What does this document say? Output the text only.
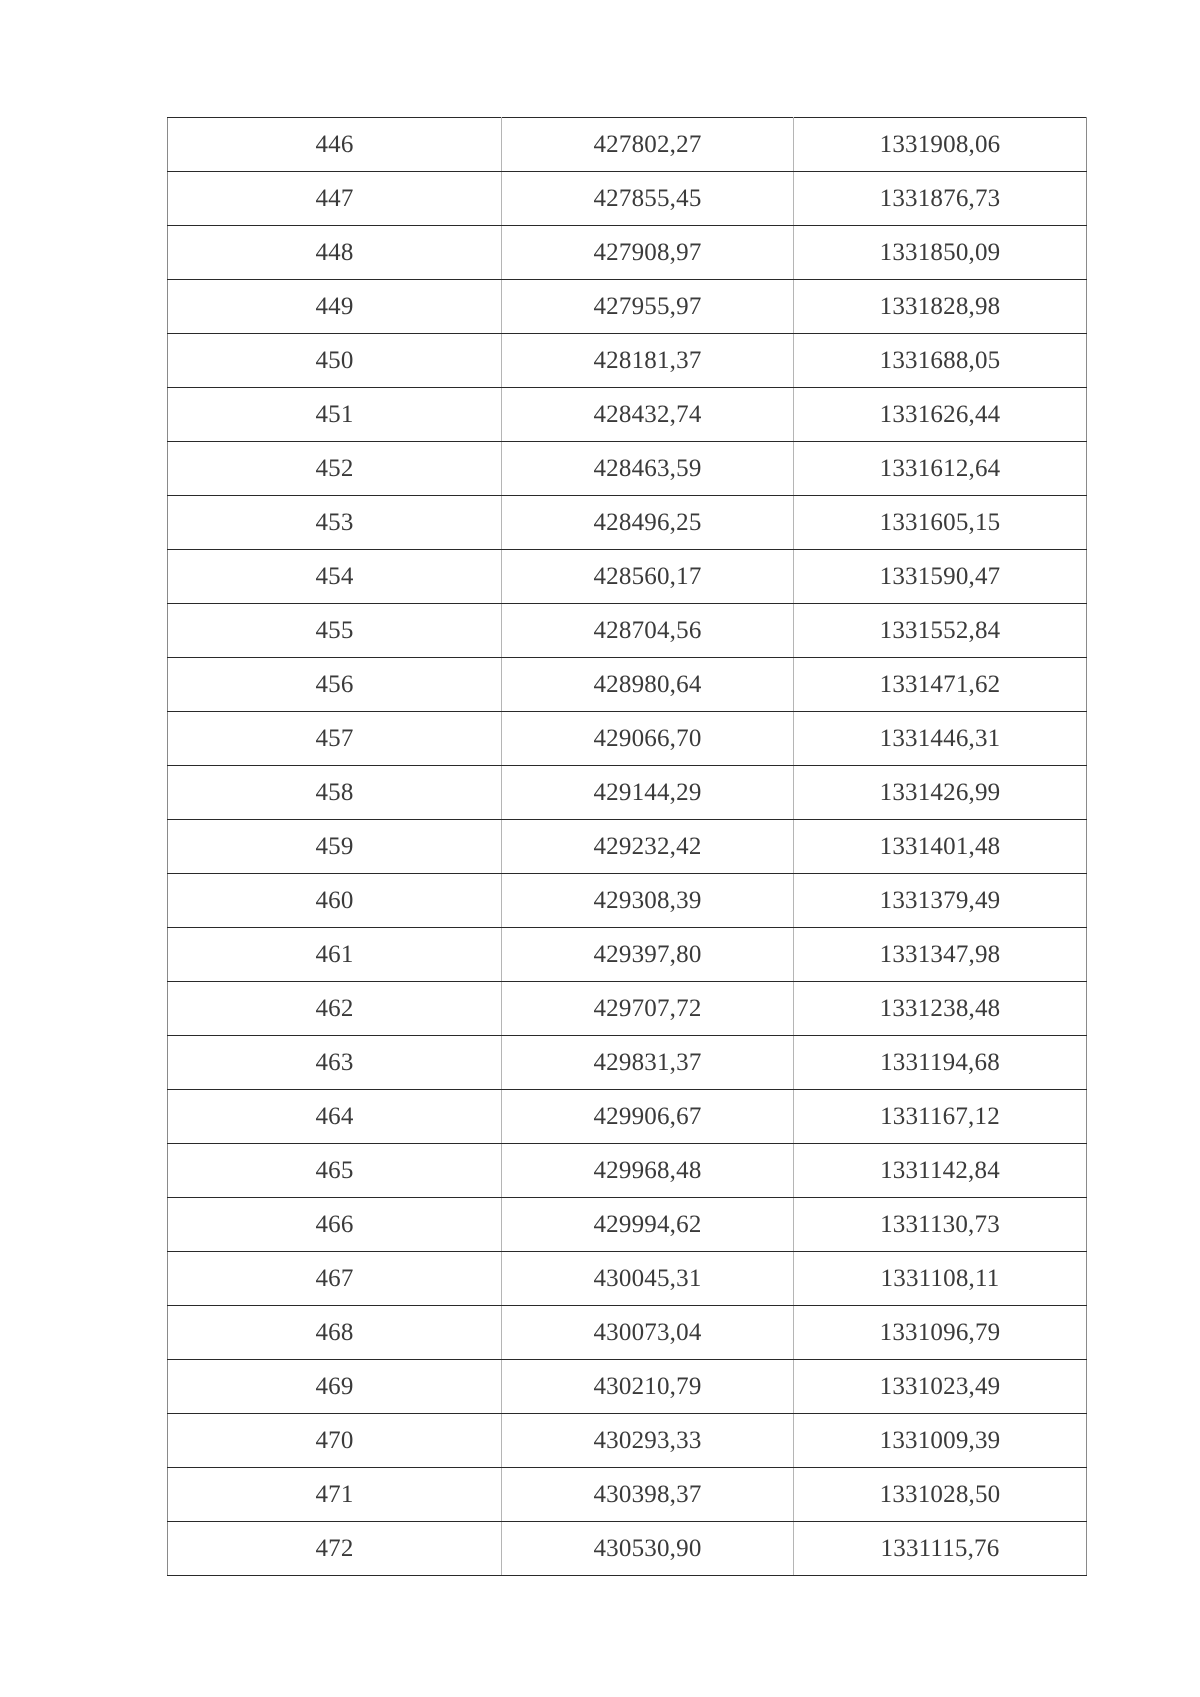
446	427802,27	1331908,06
447	427855,45	1331876,73
448	427908,97	1331850,09
449	427955,97	1331828,98
450	428181,37	1331688,05
451	428432,74	1331626,44
452	428463,59	1331612,64
453	428496,25	1331605,15
454	428560,17	1331590,47
455	428704,56	1331552,84
456	428980,64	1331471,62
457	429066,70	1331446,31
458	429144,29	1331426,99
459	429232,42	1331401,48
460	429308,39	1331379,49
461	429397,80	1331347,98
462	429707,72	1331238,48
463	429831,37	1331194,68
464	429906,67	1331167,12
465	429968,48	1331142,84
466	429994,62	1331130,73
467	430045,31	1331108,11
468	430073,04	1331096,79
469	430210,79	1331023,49
470	430293,33	1331009,39
471	430398,37	1331028,50
472	430530,90	1331115,76
